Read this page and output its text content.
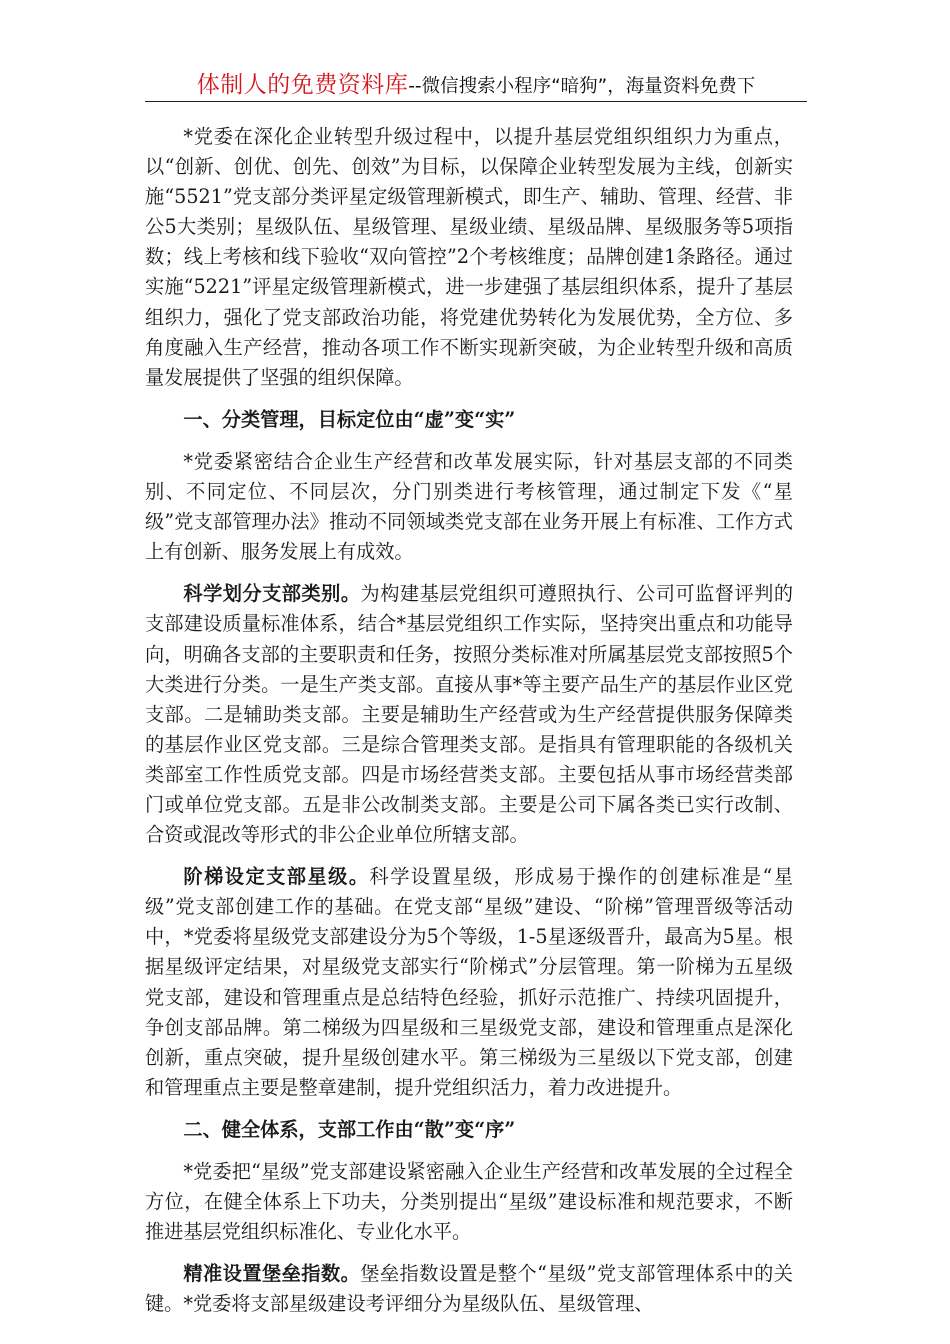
体制人的免费资料库--微信搜索小程序“暗狗”，海量资料免费下

*党委在深化企业转型升级过程中，以提升基层党组织组织力为重点，以“创新、创优、创先、创效”为目标，以保障企业转型发展为主线，创新实施“5521”党支部分类评星定级管理新模式，即生产、辅助、管理、经营、非公5大类别；星级队伍、星级管理、星级业绩、星级品牌、星级服务等5项指数；线上考核和线下验收“双向管控”2个考核维度；品牌创建1条路径。通过实施“5221”评星定级管理新模式，进一步建强了基层组织体系，提升了基层组织力，强化了党支部政治功能，将党建优势转化为发展优势，全方位、多角度融入生产经营，推动各项工作不断实现新突破，为企业转型升级和高质量发展提供了坚强的组织保障。

一、分类管理，目标定位由“虚”变“实”

*党委紧密结合企业生产经营和改革发展实际，针对基层支部的不同类别、不同定位、不同层次，分门别类进行考核管理，通过制定下发《“星级”党支部管理办法》推动不同领域类党支部在业务开展上有标准、工作方式上有创新、服务发展上有成效。

科学划分支部类别。为构建基层党组织可遵照执行、公司可监督评判的支部建设质量标准体系，结合*基层党组织工作实际，坚持突出重点和功能导向，明确各支部的主要职责和任务，按照分类标准对所属基层党支部按照5个大类进行分类。一是生产类支部。直接从事*等主要产品生产的基层作业区党支部。二是辅助类支部。主要是辅助生产经营或为生产经营提供服务保障类的基层作业区党支部。三是综合管理类支部。是指具有管理职能的各级机关类部室工作性质党支部。四是市场经营类支部。主要包括从事市场经营类部门或单位党支部。五是非公改制类支部。主要是公司下属各类已实行改制、合资或混改等形式的非公企业单位所辖支部。

阶梯设定支部星级。科学设置星级，形成易于操作的创建标准是“星级”党支部创建工作的基础。在党支部“星级”建设、“阶梯”管理晋级等活动中，*党委将星级党支部建设分为5个等级，1-5星逐级晋升，最高为5星。根据星级评定结果，对星级党支部实行“阶梯式”分层管理。第一阶梯为五星级党支部，建设和管理重点是总结特色经验，抓好示范推广、持续巩固提升，争创支部品牌。第二梯级为四星级和三星级党支部，建设和管理重点是深化创新，重点突破，提升星级创建水平。第三梯级为三星级以下党支部，创建和管理重点主要是整章建制，提升党组织活力，着力改进提升。

二、健全体系，支部工作由“散”变“序”

*党委把“星级”党支部建设紧密融入企业生产经营和改革发展的全过程全方位，在健全体系上下功夫，分类别提出“星级”建设标准和规范要求，不断推进基层党组织标准化、专业化水平。

精准设置堡垒指数。堡垒指数设置是整个“星级”党支部管理体系中的关键。*党委将支部星级建设考评细分为星级队伍、星级管理、
